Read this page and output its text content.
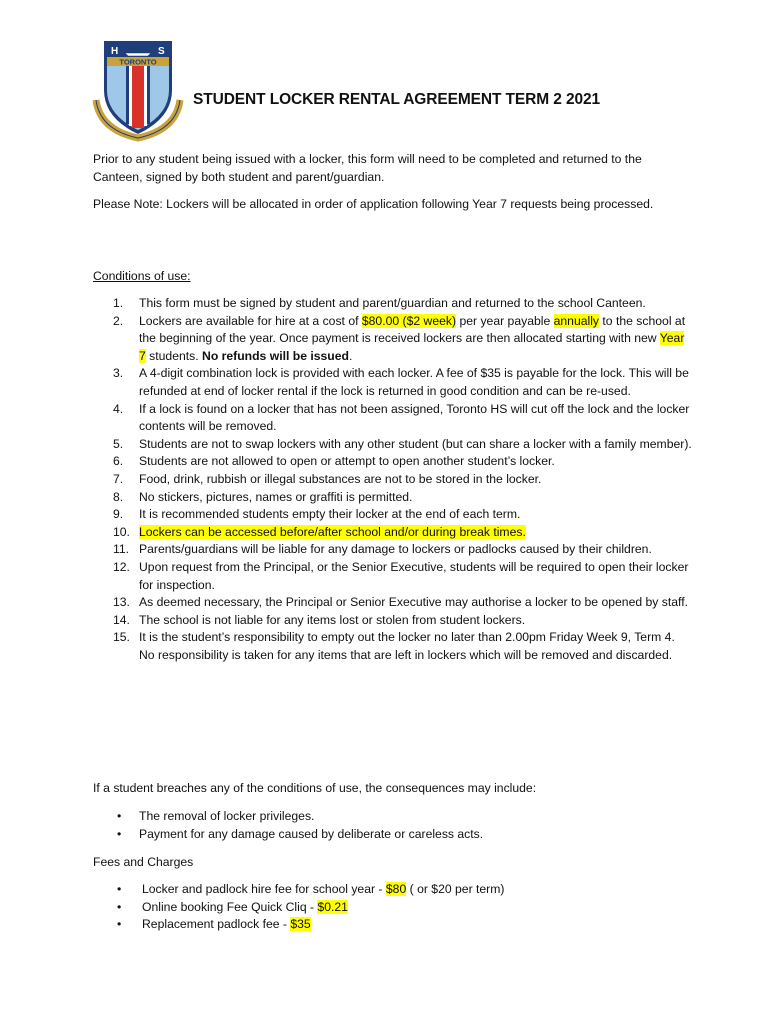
H	S
TORONTO
STUDENT LOCKER RENTAL AGREEMENT TERM 2 2021
Prior to any student being issued with a locker, this form will need to be completed and returned to the Canteen, signed by both student and parent/guardian.
Please Note: Lockers will be allocated in order of application following Year 7 requests being processed.
Conditions of use:
1.	This form must be signed by student and parent/guardian and returned to the school Canteen.
2.	Lockers are available for hire at a cost of $80.00 ($2 week) per year payable annually to the school at the beginning of the year. Once payment is received lockers are then allocated starting with new Year 7 students. No refunds will be issued.
3.	A 4-digit combination lock is provided with each locker. A fee of $35 is payable for the lock. This will be refunded at end of locker rental if the lock is returned in good condition and can be re-used.
4.	If a lock is found on a locker that has not been assigned, Toronto HS will cut off the lock and the locker contents will be removed.
5.	Students are not to swap lockers with any other student (but can share a locker with a family member).
6.	Students are not allowed to open or attempt to open another student’s locker.
7.	Food, drink, rubbish or illegal substances are not to be stored in the locker.
8.	No stickers, pictures, names or graffiti is permitted.
9.	It is recommended students empty their locker at the end of each term.
10. Lockers can be accessed before/after school and/or during break times.
11. Parents/guardians will be liable for any damage to lockers or padlocks caused by their children.
12. Upon request from the Principal, or the Senior Executive, students will be required to open their locker for inspection.
13. As deemed necessary, the Principal or Senior Executive may authorise a locker to be opened by staff.
14. The school is not liable for any items lost or stolen from student lockers.
15. It is the student’s responsibility to empty out the locker no later than 2.00pm Friday Week 9, Term 4. No responsibility is taken for any items that are left in lockers which will be removed and discarded.
If a student breaches any of the conditions of use, the consequences may include:
• The removal of locker privileges.
• Payment for any damage caused by deliberate or careless acts.
Fees and Charges
• Locker and padlock hire fee for school year - $80 ( or $20 per term)
• Online booking Fee Quick Cliq - $0.21
• Replacement padlock fee - $35
